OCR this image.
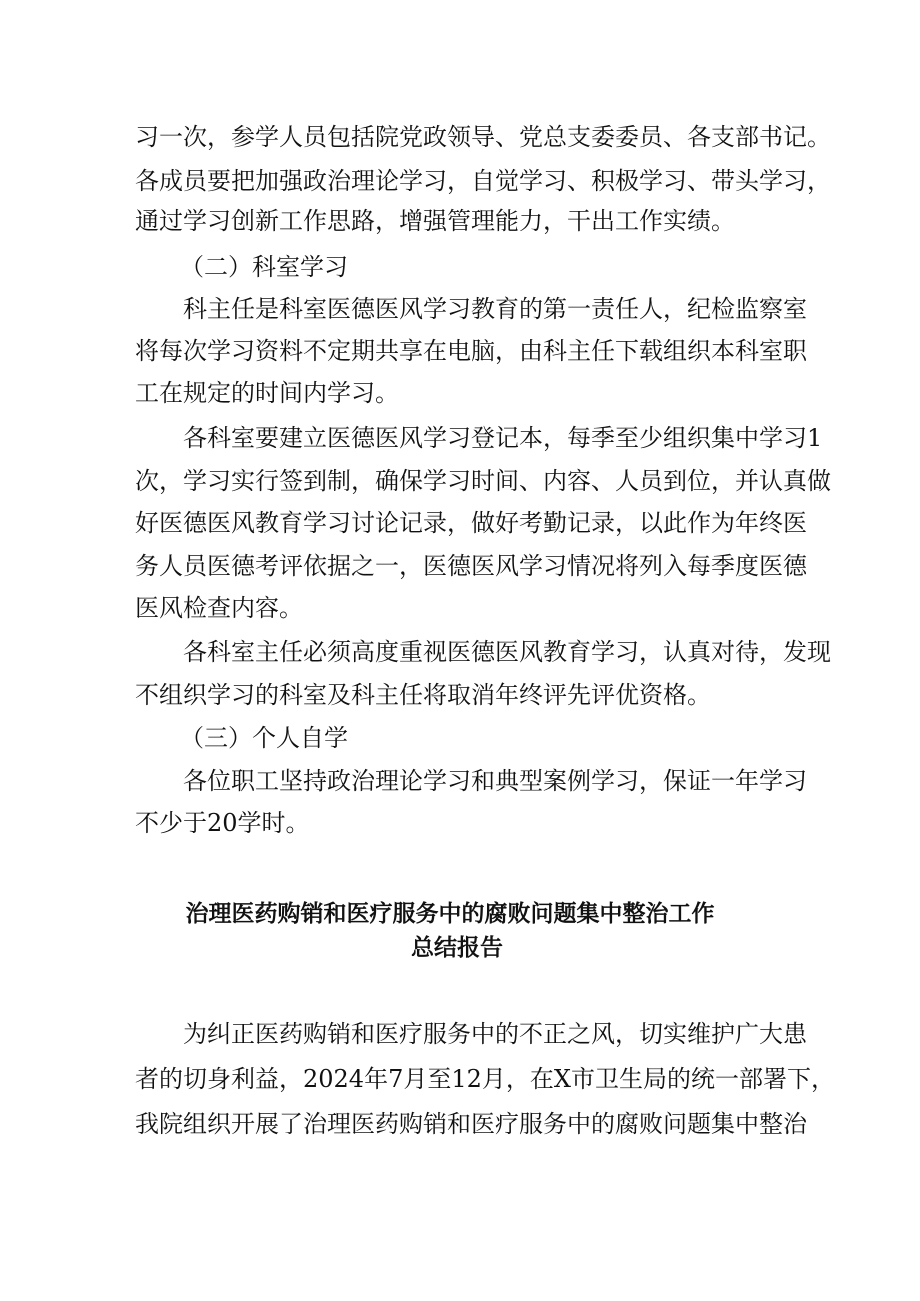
习一次，参学人员包括院党政领导、党总支委委员、各支部书记。
各成员要把加强政治理论学习，自觉学习、积极学习、带头学习，
通过学习创新工作思路，增强管理能力，干出工作实绩。
（二）科室学习
科主任是科室医德医风学习教育的第一责任人，纪检监察室
将每次学习资料不定期共享在电脑，由科主任下载组织本科室职
工在规定的时间内学习。
各科室要建立医德医风学习登记本，每季至少组织集中学习1
次，学习实行签到制，确保学习时间、内容、人员到位，并认真做
好医德医风教育学习讨论记录，做好考勤记录，以此作为年终医
务人员医德考评依据之一，医德医风学习情况将列入每季度医德
医风检查内容。
各科室主任必须高度重视医德医风教育学习，认真对待，发现
不组织学习的科室及科主任将取消年终评先评优资格。
（三）个人自学
各位职工坚持政治理论学习和典型案例学习，保证一年学习
不少于20学时。
治理医药购销和医疗服务中的腐败问题集中整治工作
总结报告
为纠正医药购销和医疗服务中的不正之风，切实维护广大患
者的切身利益，2024年7月至12月，在X市卫生局的统一部署下，
我院组织开展了治理医药购销和医疗服务中的腐败问题集中整治
